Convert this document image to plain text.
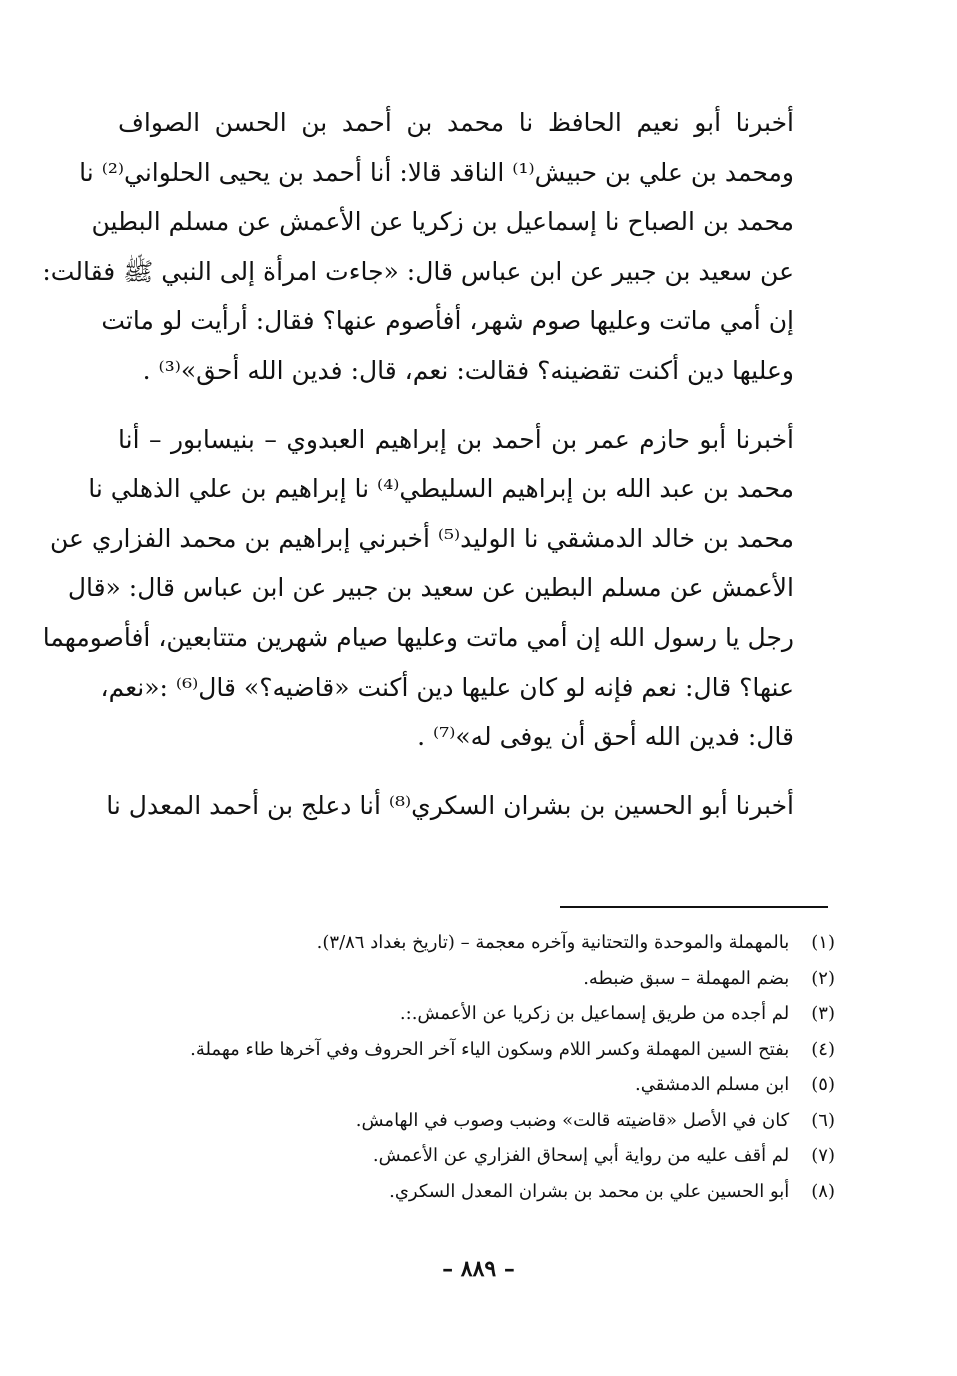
أخبرنا أبو نعيم الحافظ نا محمد بن أحمد بن الحسن الصواف
ومحمد بن علي بن حبيش⁽¹⁾ الناقد قالا: أنا أحمد بن يحيى الحلواني⁽²⁾ نا
محمد بن الصباح نا إسماعيل بن زكريا عن الأعمش عن مسلم البطين
عن سعيد بن جبير عن ابن عباس قال: «جاءت امرأة إلى النبي ﷺ فقالت:
إن أمي ماتت وعليها صوم شهر، أفأصوم عنها؟ فقال: أرأيت لو ماتت
وعليها دين أكنت تقضينه؟ فقالت: نعم، قال: فدين الله أحق»⁽³⁾ .

أخبرنا أبو حازم عمر بن أحمد بن إبراهيم العبدوي – بنيسابور – أنا
محمد بن عبد الله بن إبراهيم السليطي⁽⁴⁾ نا إبراهيم بن علي الذهلي نا
محمد بن خالد الدمشقي نا الوليد⁽⁵⁾ أخبرني إبراهيم بن محمد الفزاري عن
الأعمش عن مسلم البطين عن سعيد بن جبير عن ابن عباس قال: «قال
رجل يا رسول الله إن أمي ماتت وعليها صيام شهرين متتابعين، أفأصومهما
عنها؟ قال: نعم فإنه لو كان عليها دين أكنت «قاضيه؟» قال⁽⁶⁾ :«نعم،
قال: فدين الله أحق أن يوفى له»⁽⁷⁾ .

أخبرنا أبو الحسين بن بشران السكري⁽⁸⁾ أنا دعلج بن أحمد المعدل نا

(١) بالمهملة والموحدة والتحتانية وآخره معجمة – (تاريخ بغداد ٣/٨٦).
(٢) بضم المهملة – سبق ضبطه.
(٣) لم أجده من طريق إسماعيل بن زكريا عن الأعمش.:.
(٤) بفتح السين المهملة وكسر اللام وسكون الياء آخر الحروف وفي آخرها طاء مهملة.
(٥) ابن مسلم الدمشقي.
(٦) كان في الأصل «قاضيته قالت» وضبب وصوب في الهامش.
(٧) لم أقف عليه من رواية أبي إسحاق الفزاري عن الأعمش.
(٨) أبو الحسين علي بن محمد بن بشران المعدل السكري.
– ٨٨٩ –
